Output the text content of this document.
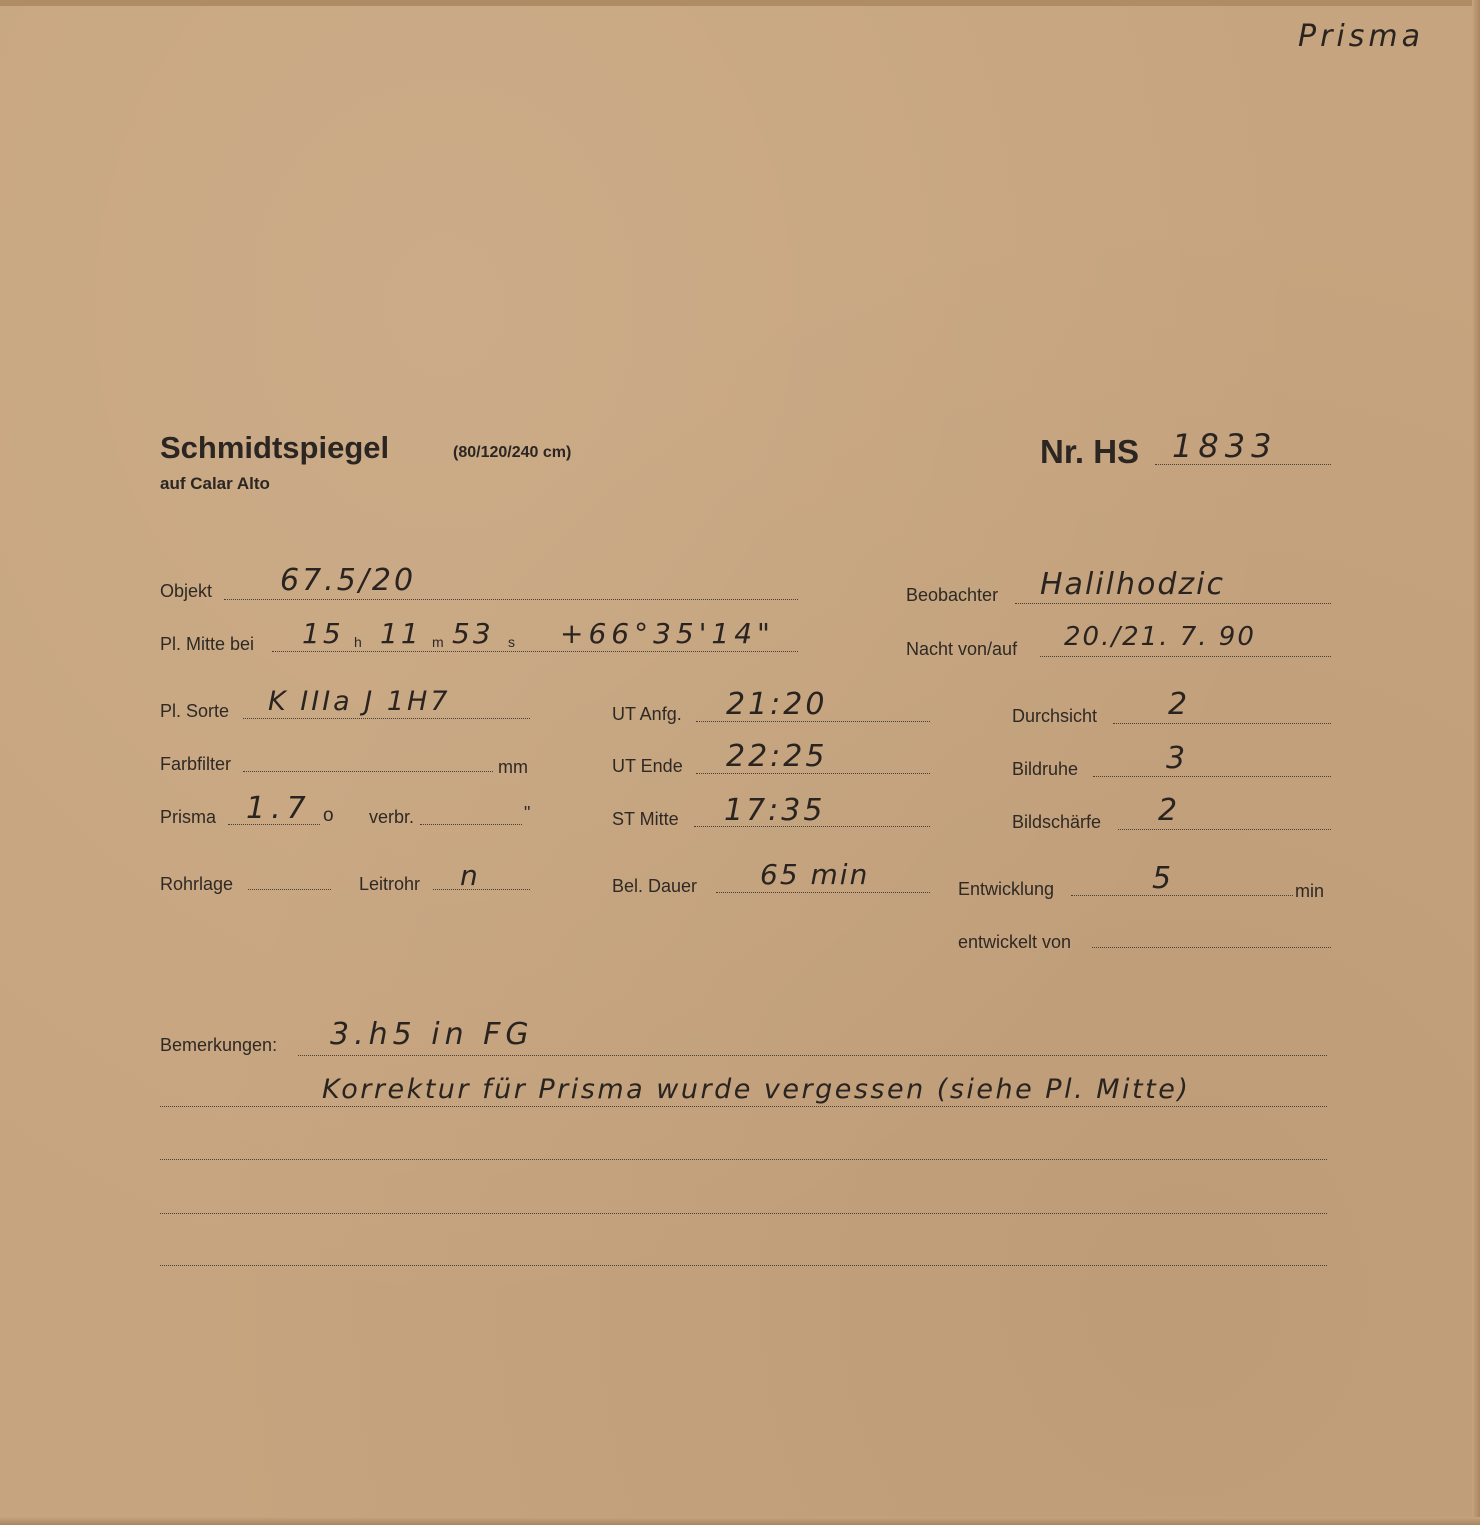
Prisma
Schmidtspiegel	(80/120/240 cm)
auf Calar Alto
Nr. HS 1833
Objekt 67.5/20	Beobachter Halilhodzic
Pl. Mitte bei 15 h 11 m 53 s +66°35'14"	Nacht von/auf 20./21. 7. 90
Pl. Sorte K IIIa J 1H7	UT Anfg. 21:20	Durchsicht 2
Farbfilter	mm	UT Ende 22:25	Bildruhe	3
Prisma 1.7 o verbr.	"	ST Mitte 17:35	Bildschärfe 2
Rohrlage	Leitrohr n	Bel. Dauer 65 min	Entwicklung	5	min
entwickelt von
Bemerkungen: 3.h5 in FG
Korrektur für Prisma wurde vergessen (siehe Pl. Mitte)
